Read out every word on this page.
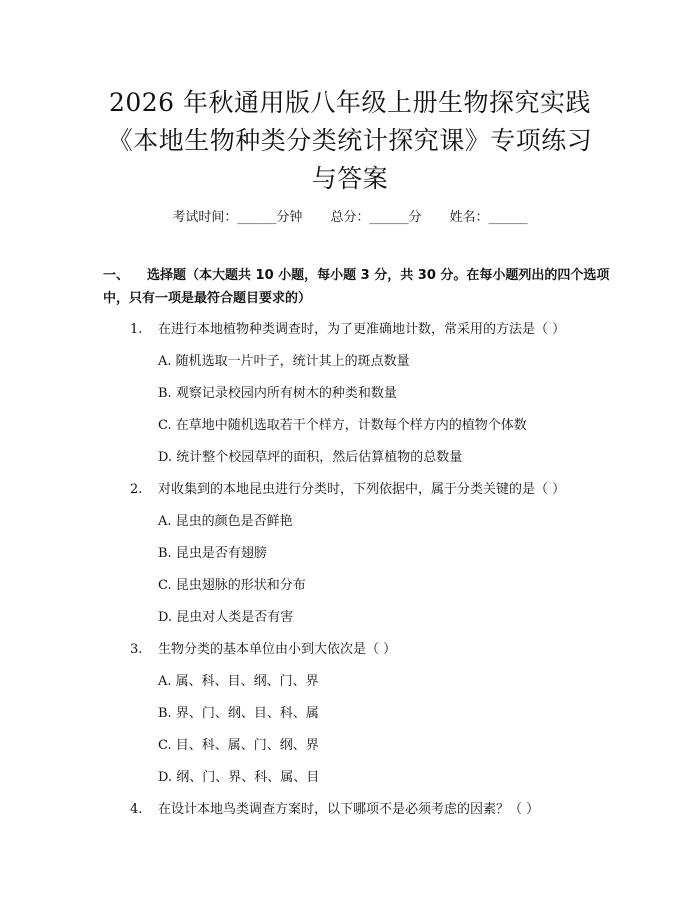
2026 年秋通用版八年级上册生物探究实践
《本地生物种类分类统计探究课》专项练习
与答案
考试时间：______分钟 总分：______分 姓名：______
一、 选择题（本大题共 10 小题，每小题 3 分，共 30 分。在每小题列出的四个选项中，只有一项是最符合题目要求的）
1. 在进行本地植物种类调查时，为了更准确地计数，常采用的方法是（ ）
A. 随机选取一片叶子，统计其上的斑点数量
B. 观察记录校园内所有树木的种类和数量
C. 在草地中随机选取若干个样方，计数每个样方内的植物个体数
D. 统计整个校园草坪的面积，然后估算植物的总数量
2. 对收集到的本地昆虫进行分类时，下列依据中，属于分类关键的是（ ）
A. 昆虫的颜色是否鲜艳
B. 昆虫是否有翅膀
C. 昆虫翅脉的形状和分布
D. 昆虫对人类是否有害
3. 生物分类的基本单位由小到大依次是（ ）
A. 属、科、目、纲、门、界
B. 界、门、纲、目、科、属
C. 目、科、属、门、纲、界
D. 纲、门、界、科、属、目
4. 在设计本地鸟类调查方案时，以下哪项不是必须考虑的因素？（ ）
